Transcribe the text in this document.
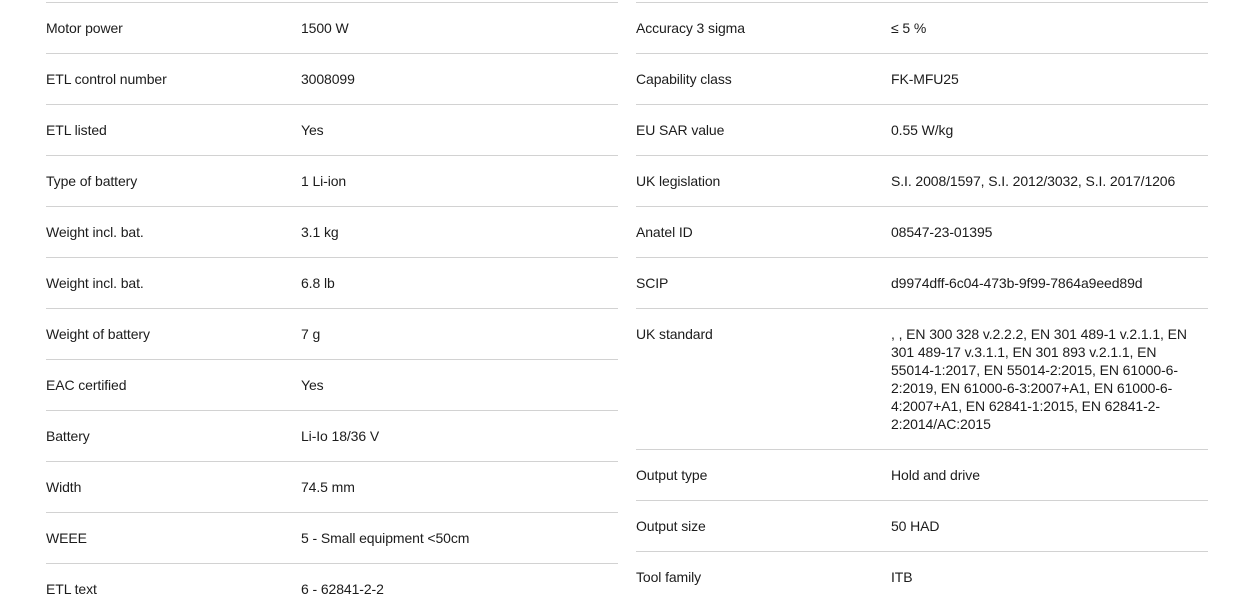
Motor power	1500 W
ETL control number	3008099
ETL listed	Yes
Type of battery	1 Li-ion
Weight incl. bat.	3.1 kg
Weight incl. bat.	6.8 lb
Weight of battery	7 g
EAC certified	Yes
Battery	Li-Io 18/36 V
Width	74.5 mm
WEEE	5 - Small equipment <50cm
ETL text	6 - 62841-2-2
Accuracy 3 sigma	≤ 5 %
Capability class	FK-MFU25
EU SAR value	0.55 W/kg
UK legislation	S.I. 2008/1597, S.I. 2012/3032, S.I. 2017/1206
Anatel ID	08547-23-01395
SCIP	d9974dff-6c04-473b-9f99-7864a9eed89d
UK standard	, , EN 300 328 v.2.2.2, EN 301 489-1 v.2.1.1, EN 301 489-17 v.3.1.1, EN 301 893 v.2.1.1, EN 55014-1:2017, EN 55014-2:2015, EN 61000-6-2:2019, EN 61000-6-3:2007+A1, EN 61000-6-4:2007+A1, EN 62841-1:2015, EN 62841-2-2:2014/AC:2015
Output type	Hold and drive
Output size	50 HAD
Tool family	ITB
